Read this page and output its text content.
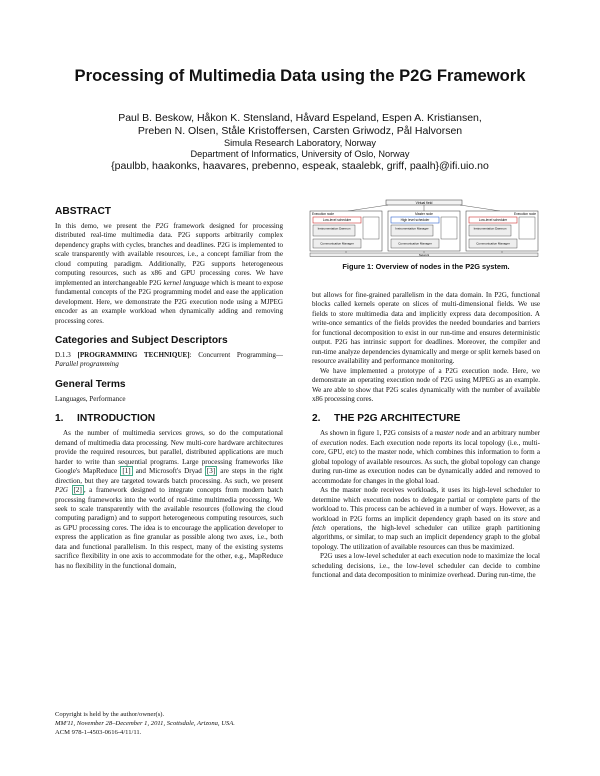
Processing of Multimedia Data using the P2G Framework
Paul B. Beskow, Håkon K. Stensland, Håvard Espeland, Espen A. Kristiansen,
Preben N. Olsen, Ståle Kristoffersen, Carsten Griwodz, Pål Halvorsen
Simula Research Laboratory, Norway
Department of Informatics, University of Oslo, Norway
{paulbb, haakonks, haavares, prebenno, espeak, staalebk, griff, paalh}@ifi.uio.no
ABSTRACT

In this demo, we present the P2G framework designed for processing distributed real-time multimedia data. P2G supports arbitrarily complex dependency graphs with cycles, branches and deadlines. P2G is implemented to scale transparently with available resources, i.e., a concept familiar from the cloud computing paradigm. Additionally, P2G supports heterogeneous computing resources, such as x86 and GPU processing cores. We have implemented an interchangeable P2G kernel language which is meant to expose fundamental concepts of the P2G programming model and ease the application development. Here, we demonstrate the P2G execution node using a MJPEG encoder as an example workload when dynamically adding and removing processing cores.

Categories and Subject Descriptors

D.1.3 [PROGRAMMING TECHNIQUE]: Concurrent Programming—Parallel programming

General Terms

Languages, Performance

1. INTRODUCTION

As the number of multimedia services grows, so do the computational demand of multimedia data processing. New multi-core hardware architectures provide the required resources, but parallel, distributed applications are much harder to write than sequential programs. Large processing frameworks like Google's MapReduce [1] and Microsoft's Dryad [3] are steps in the right direction, but they are targeted towards batch processing. As such, we present P2G [2] , a framework designed to integrate concepts from modern batch processing frameworks into the world of real-time multimedia processing. We seek to scale transparently with the available resources (following the cloud computing paradigm) and to support heterogeneous computing resources, such as GPU processing cores. The idea is to encourage the application developer to express the application as fine granular as possible along two axes, i.e., both data and functional parallelism. In this respect, many of the existing systems sacrifice flexibility in one axis to accommodate for the other, e.g., MapReduce has no flexibility in the functional domain,

Virtual field
Execution node
Low-level scheduler
Instrumentation Daemon
Communication Manager
Master node
High level scheduler
Instrumentation Manager
Communication Manager
Execution node
Low-level scheduler
Instrumentation Daemon
Communication Manager
Network
Figure 1: Overview of nodes in the P2G system.

but allows for fine-grained parallelism in the data domain. In P2G, functional blocks called kernels operate on slices of multi-dimensional fields. We use fields to store multimedia data and implicitly express data decomposition. A write-once semantics of the fields provides the needed boundaries and barriers for functional decomposition to exist in our run-time and ensures deterministic output. P2G has intrinsic support for deadlines. Moreover, the compiler and run-time analyze dependencies dynamically and merge or split kernels based on resource availability and performance monitoring.

We have implemented a prototype of a P2G execution node. Here, we demonstrate an operating execution node of P2G using MJPEG as an example. We are able to show that P2G scales dynamically with the number of available x86 processing cores.

2. THE P2G ARCHITECTURE

As shown in figure 1, P2G consists of a master node and an arbitrary number of execution nodes. Each execution node reports its local topology (i.e., multi-core, GPU, etc) to the master node, which combines this information to form a global topology of available resources. As such, the global topology can change during run-time as execution nodes can be dynamically added and removed to accommodate for changes in the global load.

As the master node receives workloads, it uses its high-level scheduler to determine which execution nodes to delegate partial or complete parts of the workload to. This process can be achieved in a number of ways. However, as a workload in P2G forms an implicit dependency graph based on its store and fetch operations, the high-level scheduler can utilize graph partitioning algorithms, or similar, to map such an implicit dependency graph to the global topology. The utilization of available resources can thus be maximized.

P2G uses a low-level scheduler at each execution node to maximize the local scheduling decisions, i.e., the low-level scheduler can decide to combine functional and data decomposition to minimize overhead. During run-time, the

Copyright is held by the author/owner(s).
MM'11, November 28–December 1, 2011, Scottsdale, Arizona, USA.
ACM 978-1-4503-0616-4/11/11.
